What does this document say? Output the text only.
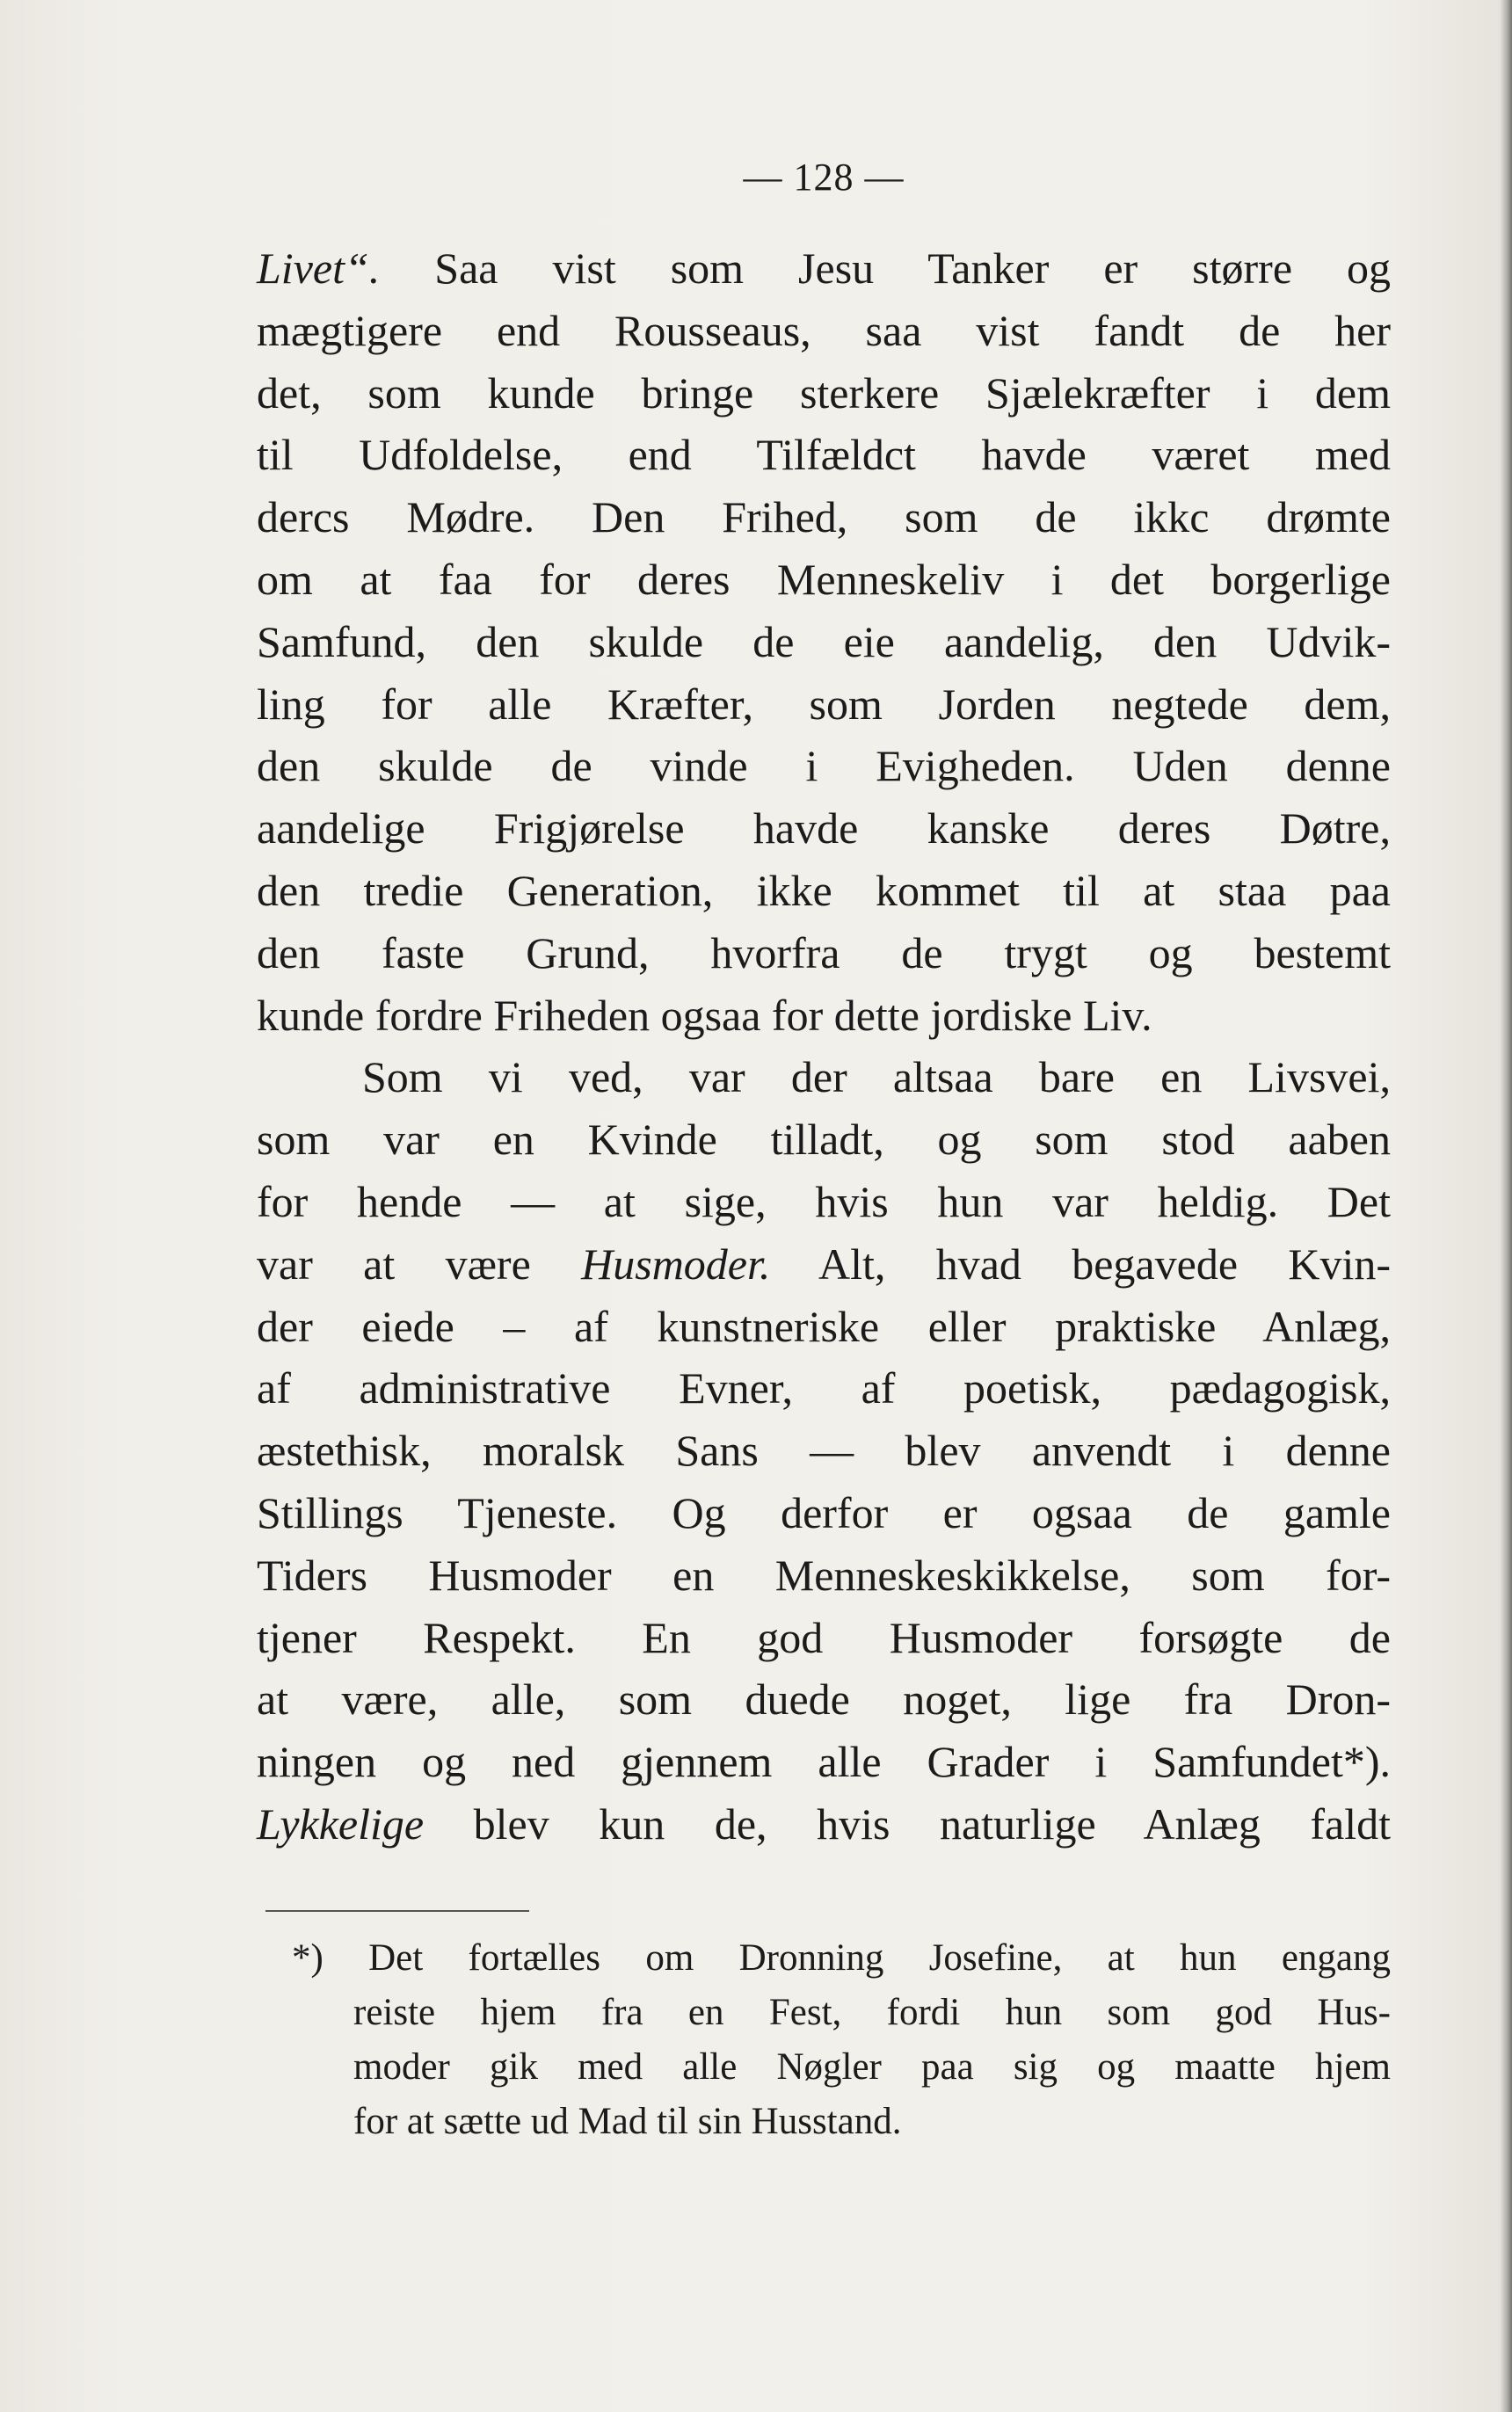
— 128 —
Livet“. Saa vist som Jesu Tanker er større og
mægtigere end Rousseaus, saa vist fandt de her
det, som kunde bringe sterkere Sjælekræfter i dem
til Udfoldelse, end Tilfældct havde været med
dercs Mødre. Den Frihed, som de ikkc drømte
om at faa for deres Menneskeliv i det borgerlige
Samfund, den skulde de eie aandelig, den Udvik-
ling for alle Kræfter, som Jorden negtede dem,
den skulde de vinde i Evigheden. Uden denne
aandelige Frigjørelse havde kanske deres Døtre,
den tredie Generation, ikke kommet til at staa paa
den faste Grund, hvorfra de trygt og bestemt
kunde fordre Friheden ogsaa for dette jordiske Liv.
Som vi ved, var der altsaa bare en Livsvei,
som var en Kvinde tilladt, og som stod aaben
for hende — at sige, hvis hun var heldig. Det
var at være Husmoder. Alt, hvad begavede Kvin-
der eiede – af kunstneriske eller praktiske Anlæg,
af administrative Evner, af poetisk, pædagogisk,
æstethisk, moralsk Sans — blev anvendt i denne
Stillings Tjeneste. Og derfor er ogsaa de gamle
Tiders Husmoder en Menneskeskikkelse, som for-
tjener Respekt. En god Husmoder forsøgte de
at være, alle, som duede noget, lige fra Dron-
ningen og ned gjennem alle Grader i Samfundet*).
Lykkelige blev kun de, hvis naturlige Anlæg faldt
*) Det fortælles om Dronning Josefine, at hun engang
reiste hjem fra en Fest, fordi hun som god Hus-
moder gik med alle Nøgler paa sig og maatte hjem
for at sætte ud Mad til sin Husstand.
